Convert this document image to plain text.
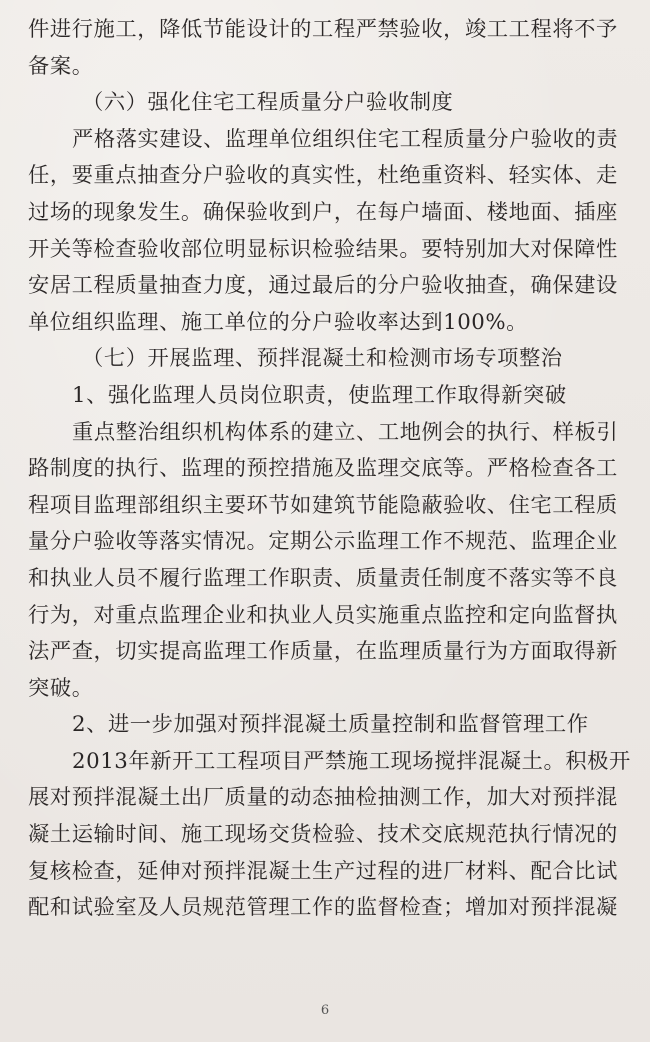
件进行施工，降低节能设计的工程严禁验收，竣工工程将不予
备案。
（六）强化住宅工程质量分户验收制度
严格落实建设、监理单位组织住宅工程质量分户验收的责
任，要重点抽查分户验收的真实性，杜绝重资料、轻实体、走
过场的现象发生。确保验收到户，在每户墙面、楼地面、插座
开关等检查验收部位明显标识检验结果。要特别加大对保障性
安居工程质量抽查力度，通过最后的分户验收抽查，确保建设
单位组织监理、施工单位的分户验收率达到100%。
（七）开展监理、预拌混凝土和检测市场专项整治
1、强化监理人员岗位职责，使监理工作取得新突破
重点整治组织机构体系的建立、工地例会的执行、样板引
路制度的执行、监理的预控措施及监理交底等。严格检查各工
程项目监理部组织主要环节如建筑节能隐蔽验收、住宅工程质
量分户验收等落实情况。定期公示监理工作不规范、监理企业
和执业人员不履行监理工作职责、质量责任制度不落实等不良
行为，对重点监理企业和执业人员实施重点监控和定向监督执
法严查，切实提高监理工作质量，在监理质量行为方面取得新
突破。
2、进一步加强对预拌混凝土质量控制和监督管理工作
2013年新开工工程项目严禁施工现场搅拌混凝土。积极开
展对预拌混凝土出厂质量的动态抽检抽测工作，加大对预拌混
凝土运输时间、施工现场交货检验、技术交底规范执行情况的
复核检查，延伸对预拌混凝土生产过程的进厂材料、配合比试
配和试验室及人员规范管理工作的监督检查；增加对预拌混凝
6
